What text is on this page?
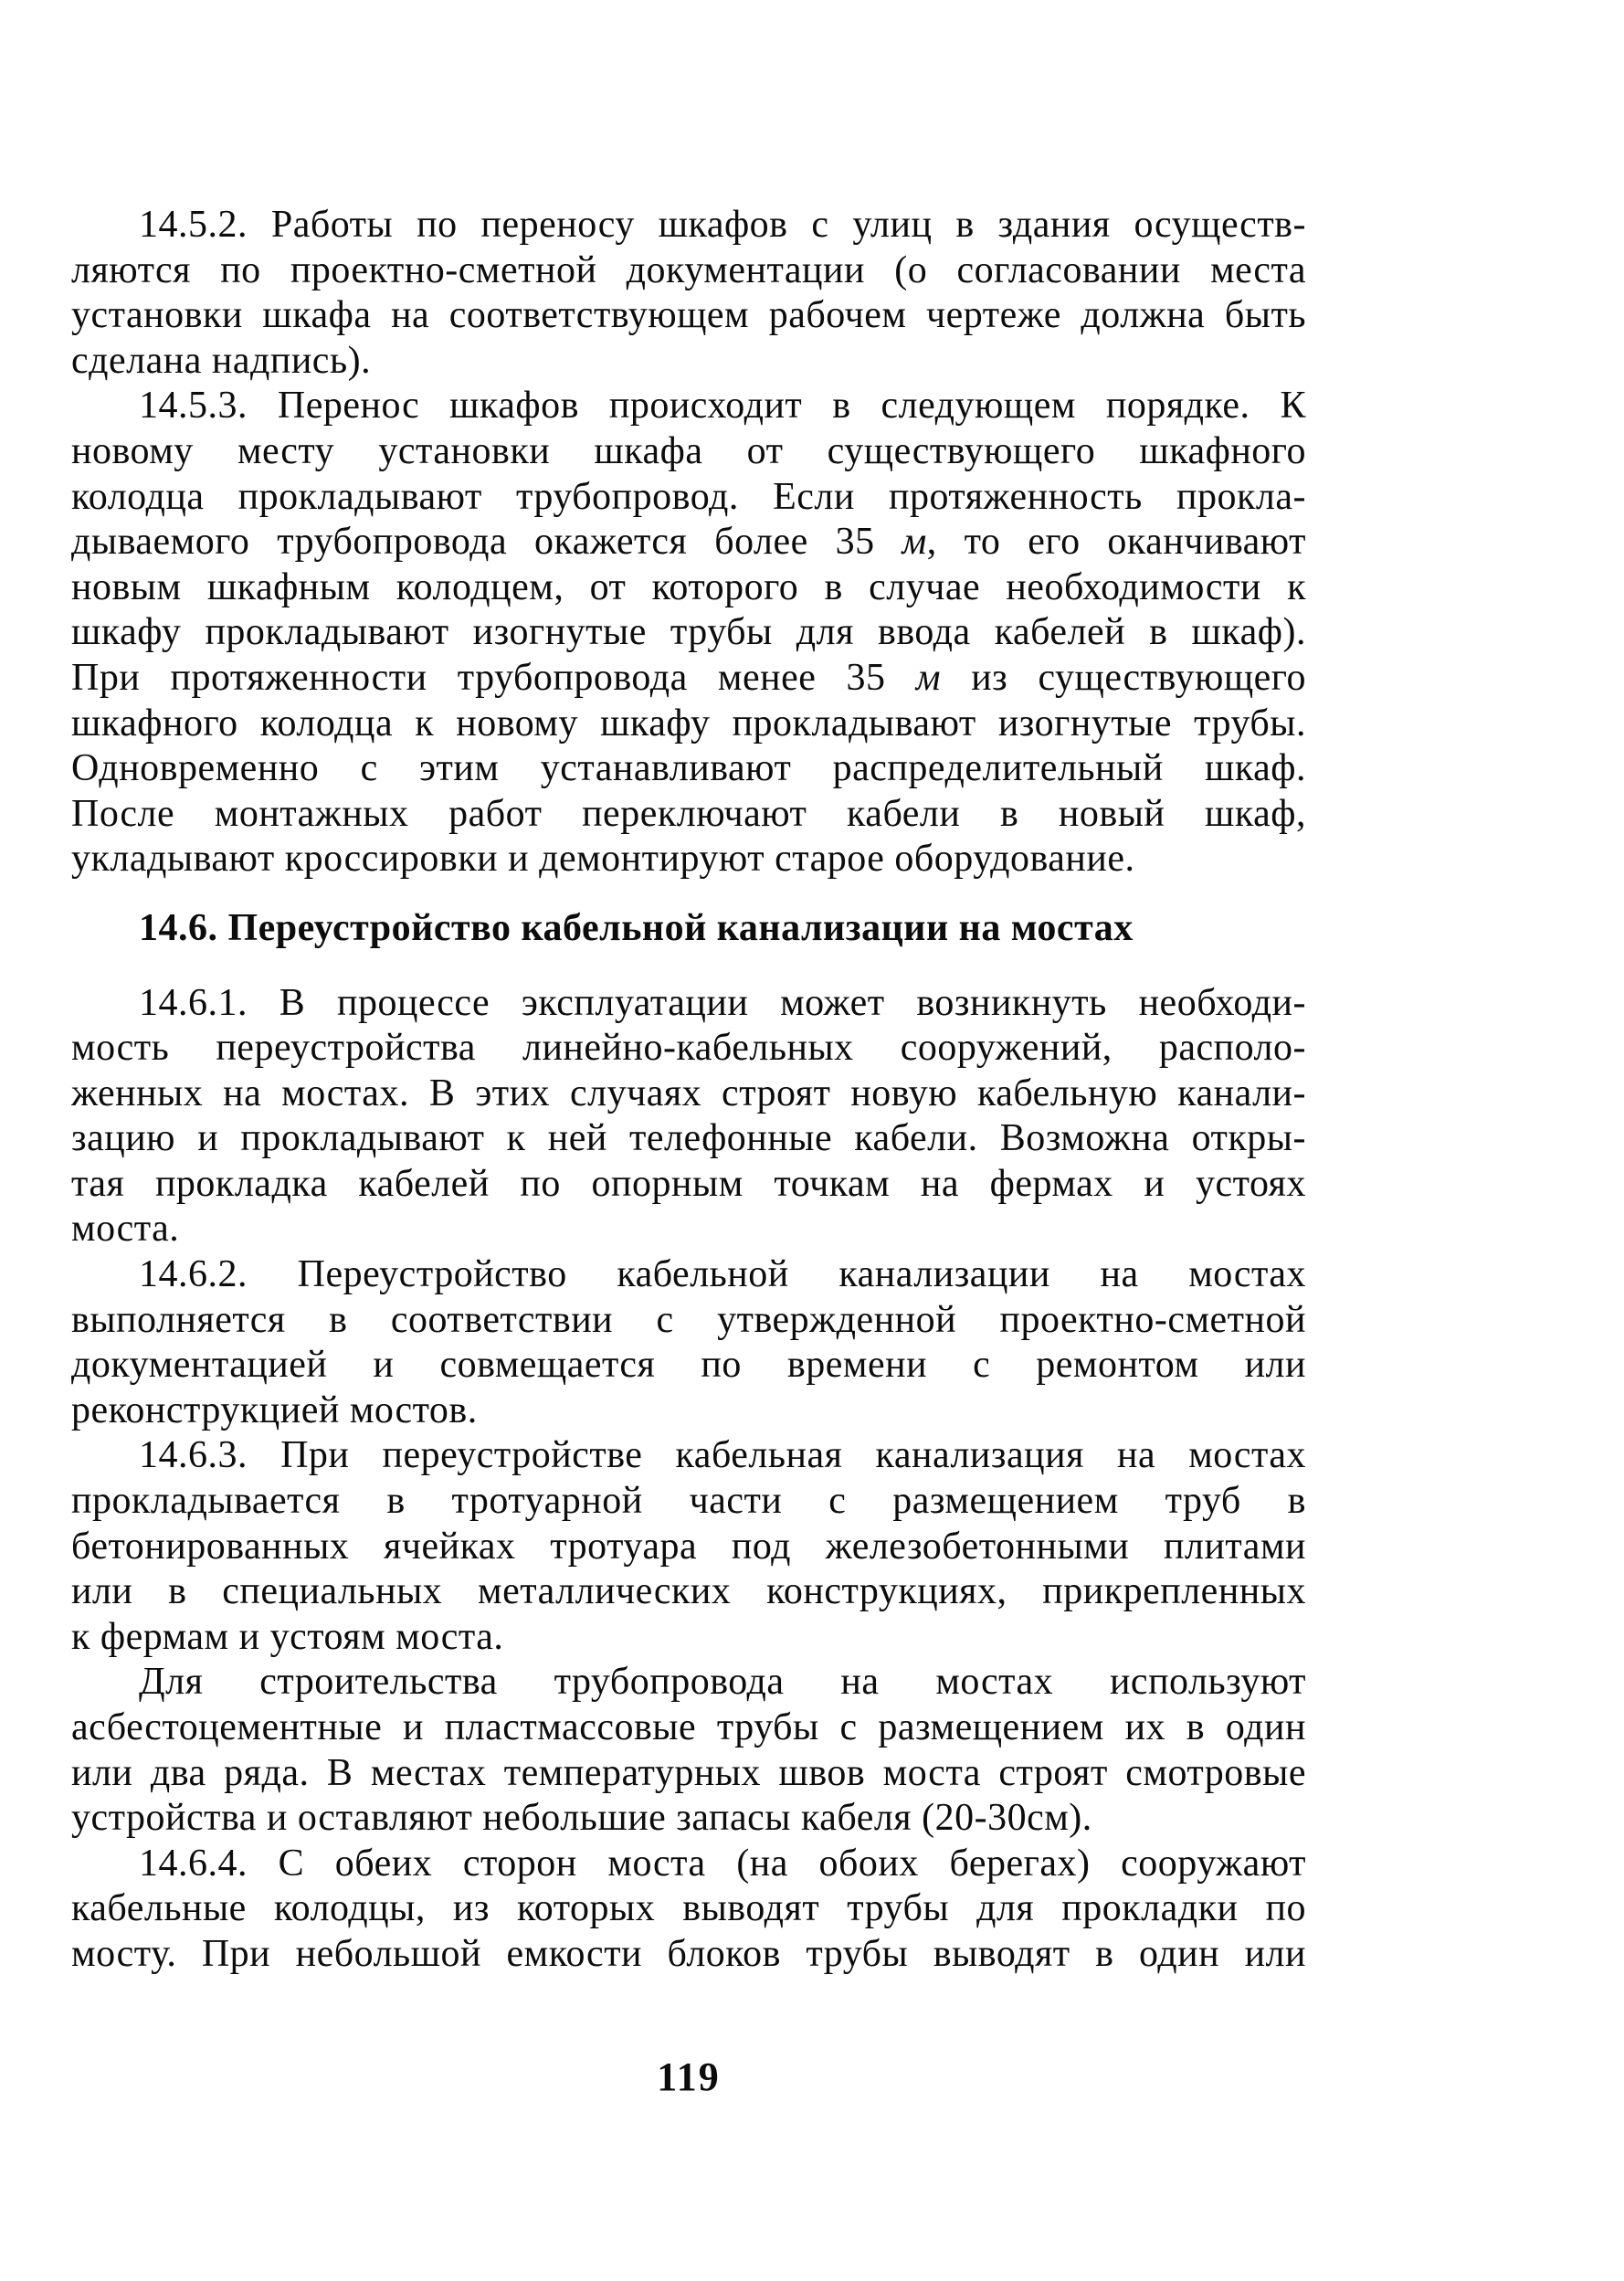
14.5.2. Работы по переносу шкафов с улиц в здания осуществ-
ляются по проектно-сметной документации (о согласовании места
установки шкафа на соответствующем рабочем чертеже должна быть
сделана надпись).
14.5.3. Перенос шкафов происходит в следующем порядке. К
новому месту установки шкафа от существующего шкафного
колодца прокладывают трубопровод. Если протяженность прокла-
дываемого трубопровода окажется более 35 м, то его оканчивают
новым шкафным колодцем, от которого в случае необходимости к
шкафу прокладывают изогнутые трубы для ввода кабелей в шкаф).
При протяженности трубопровода менее 35 м из существующего
шкафного колодца к новому шкафу прокладывают изогнутые трубы.
Одновременно с этим устанавливают распределительный шкаф.
После монтажных работ переключают кабели в новый шкаф,
укладывают кроссировки и демонтируют старое оборудование.
14.6. Переустройство кабельной канализации на мостах
14.6.1. В процессе эксплуатации может возникнуть необходи-
мость переустройства линейно-кабельных сооружений, располо-
женных на мостах. В этих случаях строят новую кабельную канали-
зацию и прокладывают к ней телефонные кабели. Возможна откры-
тая прокладка кабелей по опорным точкам на фермах и устоях
моста.
14.6.2. Переустройство кабельной канализации на мостах
выполняется в соответствии с утвержденной проектно-сметной
документацией и совмещается по времени с ремонтом или
реконструкцией мостов.
14.6.3. При переустройстве кабельная канализация на мостах
прокладывается в тротуарной части с размещением труб в
бетонированных ячейках тротуара под железобетонными плитами
или в специальных металлических конструкциях, прикрепленных
к фермам и устоям моста.
Для строительства трубопровода на мостах используют
асбестоцементные и пластмассовые трубы с размещением их в один
или два ряда. В местах температурных швов моста строят смотровые
устройства и оставляют небольшие запасы кабеля (20-30см).
14.6.4. С обеих сторон моста (на обоих берегах) сооружают
кабельные колодцы, из которых выводят трубы для прокладки по
мосту. При небольшой емкости блоков трубы выводят в один или
119
